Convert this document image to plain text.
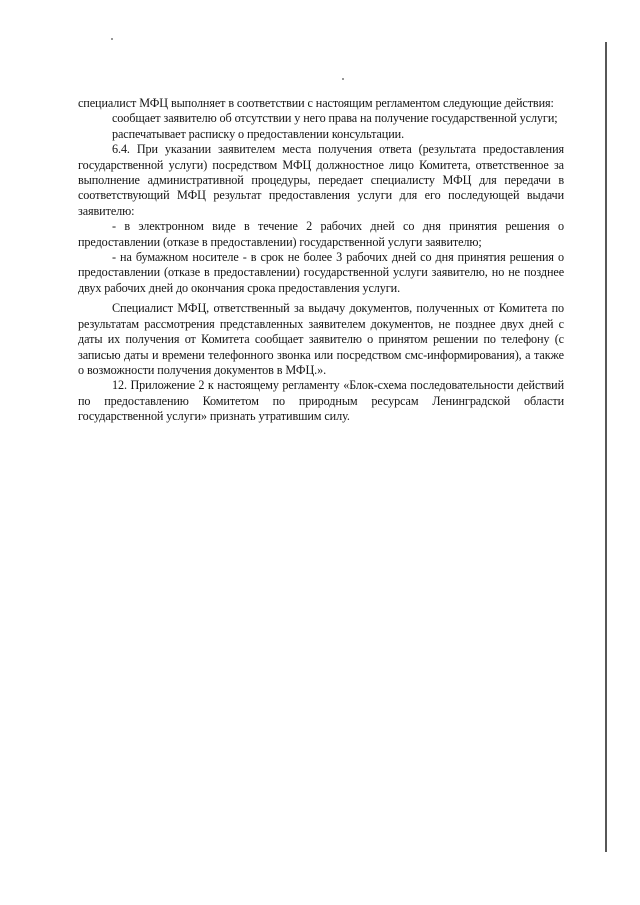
специалист МФЦ выполняет в соответствии с настоящим регламентом следующие действия:

сообщает заявителю об отсутствии у него права на получение государственной услуги;

распечатывает расписку о предоставлении консультации.

6.4. При указании заявителем места получения ответа (результата предоставления государственной услуги) посредством МФЦ должностное лицо Комитета, ответственное за выполнение административной процедуры, передает специалисту МФЦ для передачи в соответствующий МФЦ результат предоставления услуги для его последующей выдачи заявителю:

- в электронном виде в течение 2 рабочих дней со дня принятия решения о предоставлении (отказе в предоставлении) государственной услуги заявителю;

- на бумажном носителе - в срок не более 3 рабочих дней со дня принятия решения о предоставлении (отказе в предоставлении) государственной услуги заявителю, но не позднее двух рабочих дней до окончания срока предоставления услуги.

Специалист МФЦ, ответственный за выдачу документов, полученных от Комитета по результатам рассмотрения представленных заявителем документов, не позднее двух дней с даты их получения от Комитета сообщает заявителю о принятом решении по телефону (с записью даты и времени телефонного звонка или посредством смс-информирования), а также о возможности получения документов в МФЦ.».

12. Приложение 2 к настоящему регламенту «Блок-схема последовательности действий по предоставлению Комитетом по природным ресурсам Ленинградской области государственной услуги» признать утратившим силу.
